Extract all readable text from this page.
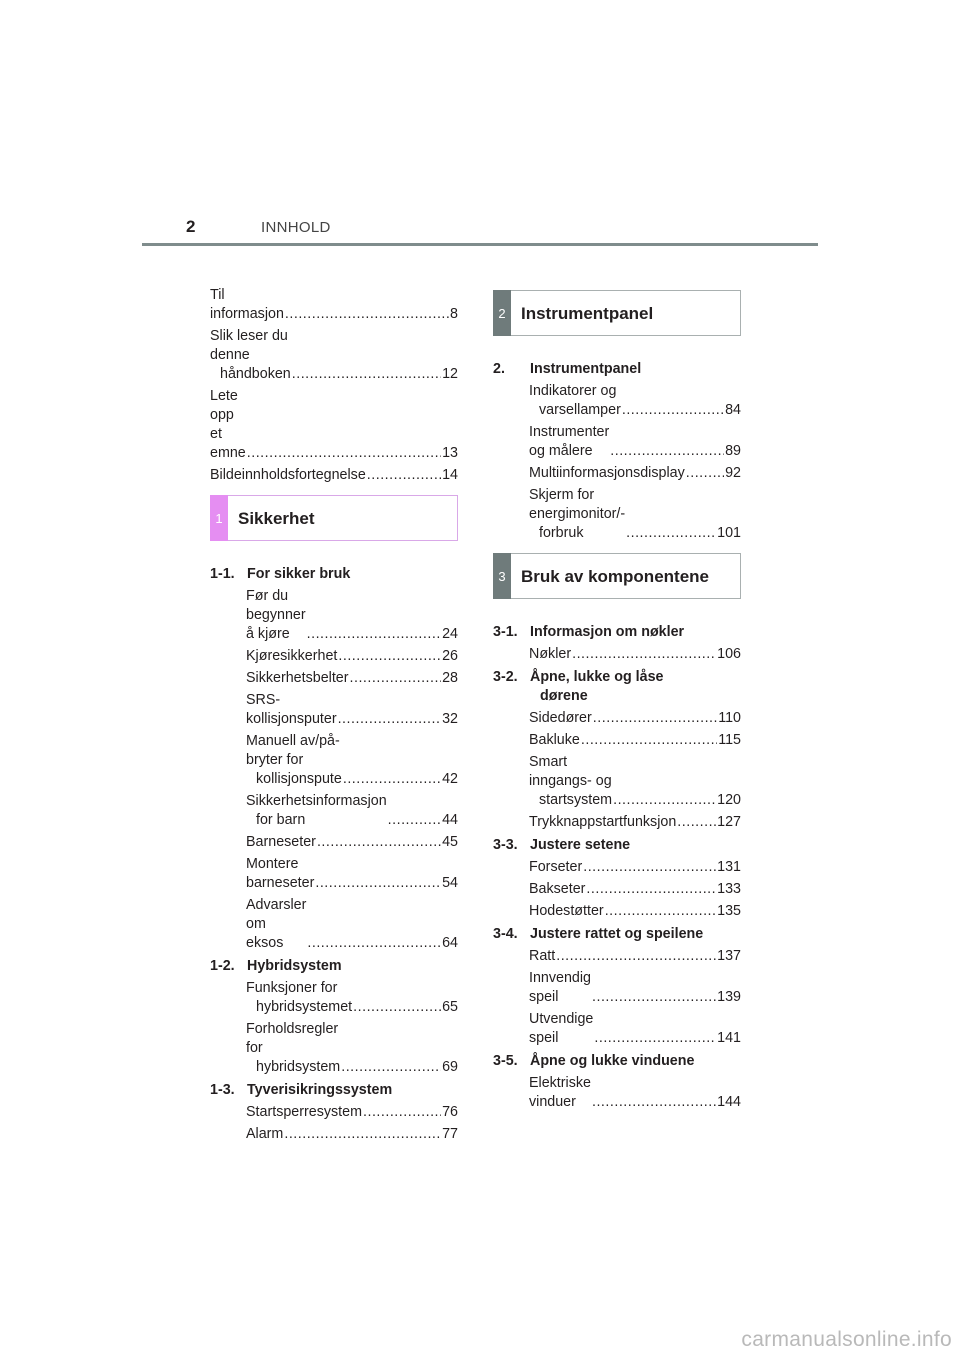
2	INNHOLD
Til informasjon .....	8
Slik leser du denne
håndboken .....	12
Lete opp et emne .....	13
Bildeinnholdsfortegnelse .....	14
1 Sikkerhet
1-1. For sikker bruk
Før du begynner å kjøre .....	24
Kjøresikkerhet .....	26
Sikkerhetsbelter .....	28
SRS-kollisjonsputer .....	32
Manuell av/på-bryter for
kollisjonspute .....	42
Sikkerhetsinformasjon
for barn .....	44
Barneseter .....	45
Montere barneseter .....	54
Advarsler om eksos .....	64
1-2. Hybridsystem
Funksjoner for
hybridsystemet .....	65
Forholdsregler for
hybridsystem .....	69
1-3. Tyverisikringssystem
Startsperresystem .....	76
Alarm .....	77
2 Instrumentpanel
2.	Instrumentpanel
Indikatorer og
varsellamper .....	84
Instrumenter og målere .....	89
Multiinformasjonsdisplay .....	92
Skjerm for energimonitor/-
forbruk .....	101
3 Bruk av komponentene
3-1. Informasjon om nøkler
Nøkler .....	106
3-2. Åpne, lukke og låse
dørene
Sidedører .....	110
Bakluke .....	115
Smart inngangs- og
startsystem .....	120
Trykknappstartfunksjon .....	127
3-3. Justere setene
Forseter .....	131
Bakseter .....	133
Hodestøtter .....	135
3-4. Justere rattet og speilene
Ratt .....	137
Innvendig speil .....	139
Utvendige speil .....	141
3-5. Åpne og lukke vinduene
Elektriske vinduer .....	144
carmanualsonline.info
